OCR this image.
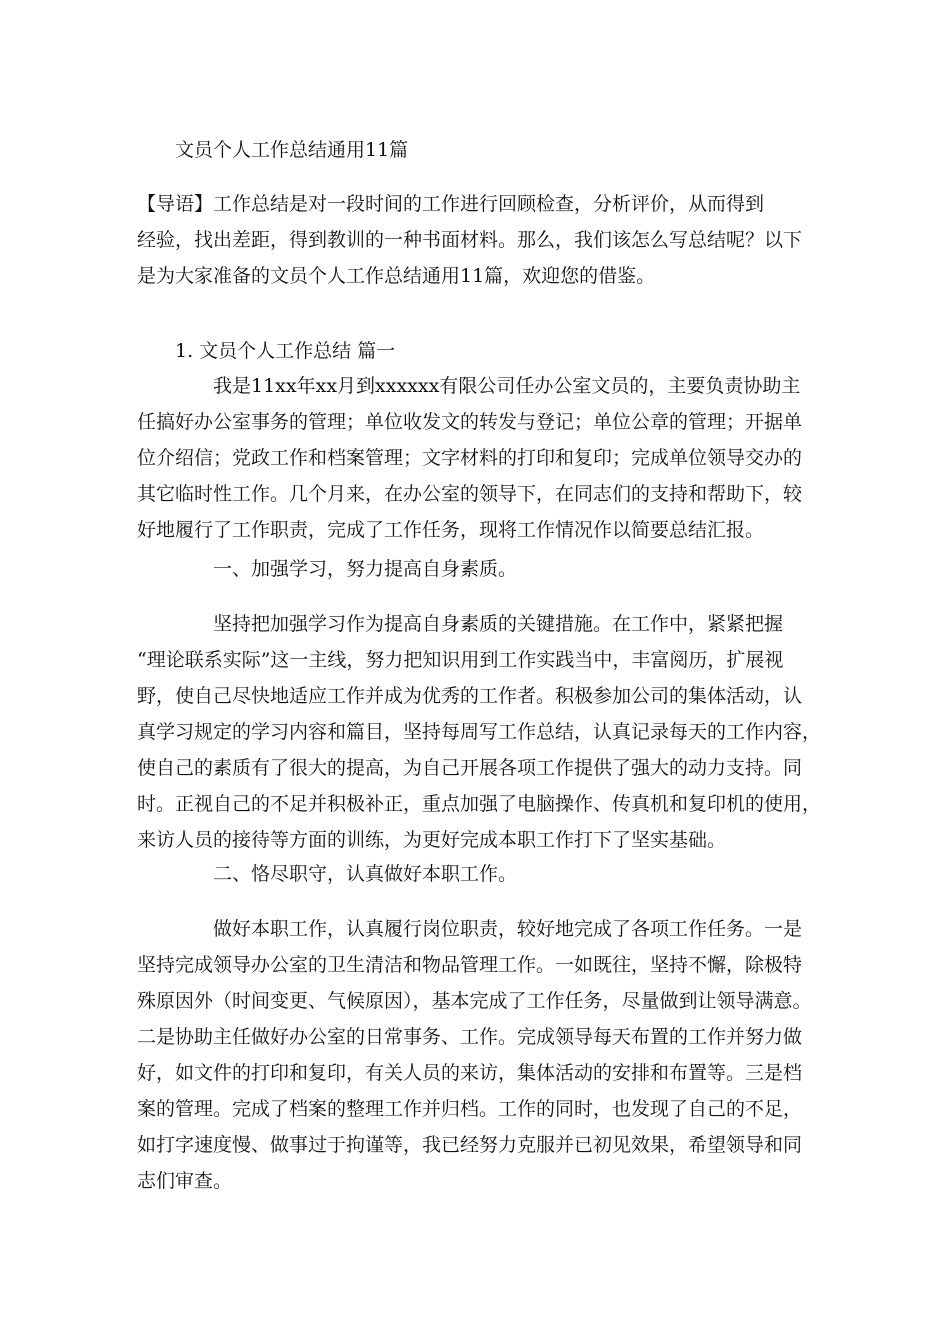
文员个人工作总结通用11篇
【导语】工作总结是对一段时间的工作进行回顾检查，分析评价，从而得到
经验，找出差距，得到教训的一种书面材料。那么，我们该怎么写总结呢？以下
是为大家准备的文员个人工作总结通用11篇，欢迎您的借鉴。
1. 文员个人工作总结 篇一
我是11xx年xx月到xxxxxx有限公司任办公室文员的，主要负责协助主
任搞好办公室事务的管理；单位收发文的转发与登记；单位公章的管理；开据单
位介绍信；党政工作和档案管理；文字材料的打印和复印；完成单位领导交办的
其它临时性工作。几个月来，在办公室的领导下，在同志们的支持和帮助下，较
好地履行了工作职责，完成了工作任务，现将工作情况作以简要总结汇报。
一、加强学习，努力提高自身素质。
坚持把加强学习作为提高自身素质的关键措施。在工作中，紧紧把握
“理论联系实际”这一主线，努力把知识用到工作实践当中，丰富阅历，扩展视
野，使自己尽快地适应工作并成为优秀的工作者。积极参加公司的集体活动，认
真学习规定的学习内容和篇目，坚持每周写工作总结，认真记录每天的工作内容，
使自己的素质有了很大的提高，为自己开展各项工作提供了强大的动力支持。同
时。正视自己的不足并积极补正，重点加强了电脑操作、传真机和复印机的使用，
来访人员的接待等方面的训练，为更好完成本职工作打下了坚实基础。
二、恪尽职守，认真做好本职工作。
做好本职工作，认真履行岗位职责，较好地完成了各项工作任务。一是
坚持完成领导办公室的卫生清洁和物品管理工作。一如既往，坚持不懈，除极特
殊原因外（时间变更、气候原因），基本完成了工作任务，尽量做到让领导满意。
二是协助主任做好办公室的日常事务、工作。完成领导每天布置的工作并努力做
好，如文件的打印和复印，有关人员的来访，集体活动的安排和布置等。三是档
案的管理。完成了档案的整理工作并归档。工作的同时，也发现了自己的不足，
如打字速度慢、做事过于拘谨等，我已经努力克服并已初见效果，希望领导和同
志们审查。
